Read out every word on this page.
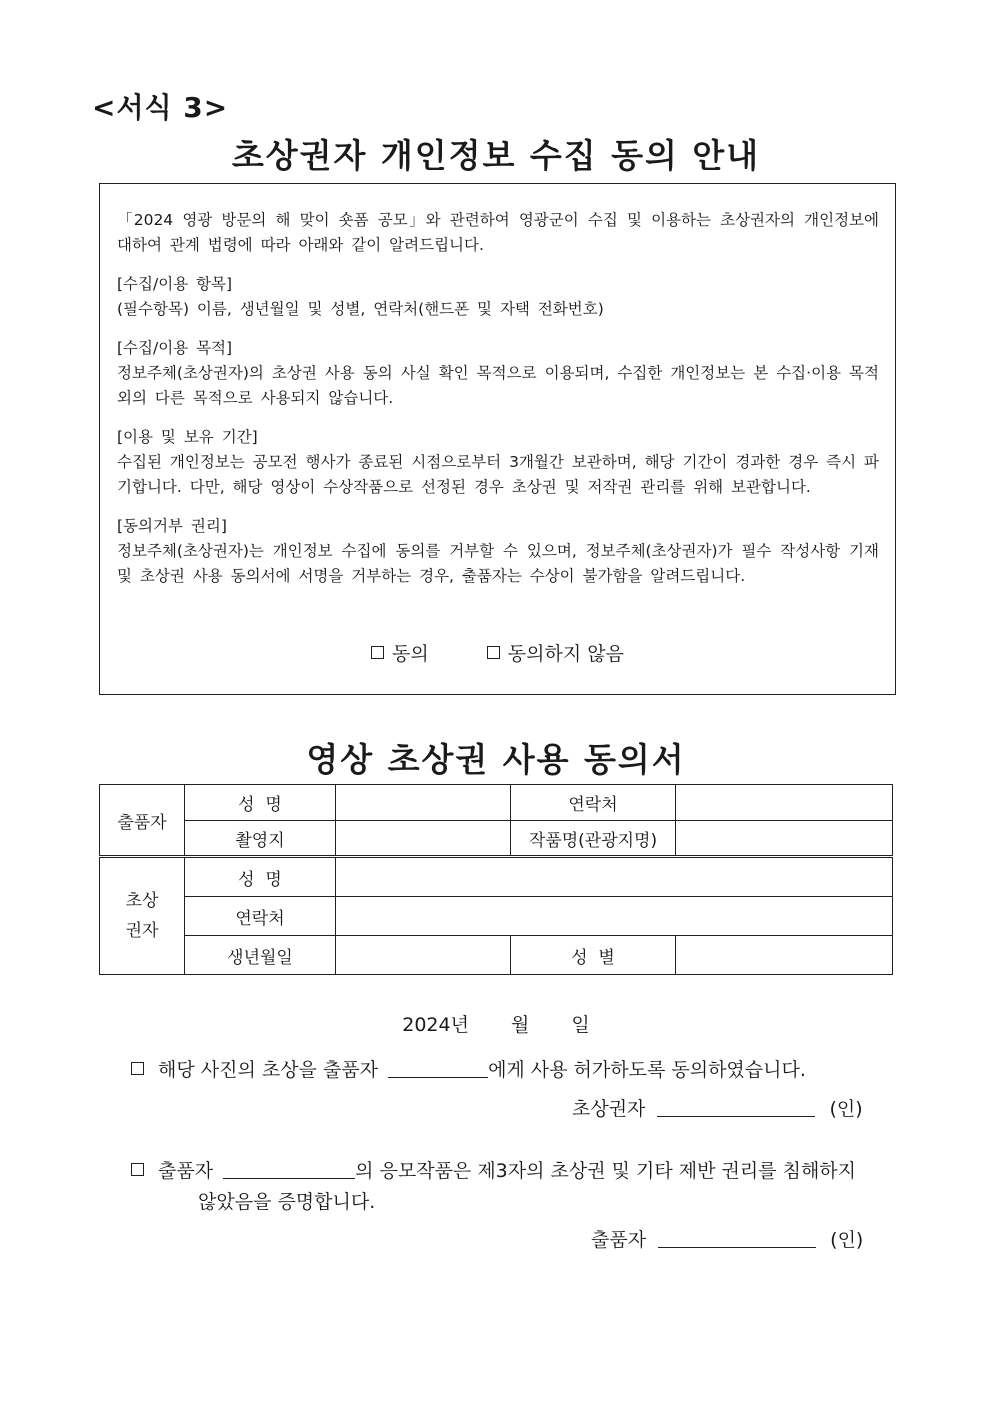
<서식 3>
초상권자 개인정보 수집 동의 안내

「2024 영광 방문의 해 맞이 숏폼 공모」와 관련하여 영광군이 수집 및 이용하는 초상권자의 개인정보에 대하여 관계 법령에 따라 아래와 같이 알려드립니다.

[수집/이용 항목]

(필수항목) 이름, 생년월일 및 성별, 연락처(핸드폰 및 자택 전화번호)

[수집/이용 목적]

정보주체(초상권자)의 초상권 사용 동의 사실 확인 목적으로 이용되며, 수집한 개인정보는 본 수집·이용 목적 외의 다른 목적으로 사용되지 않습니다.

[이용 및 보유 기간]

수집된 개인정보는 공모전 행사가 종료된 시점으로부터 3개월간 보관하며, 해당 기간이 경과한 경우 즉시 파기합니다. 다만, 해당 영상이 수상작품으로 선정된 경우 초상권 및 저작권 관리를 위해 보관합니다.

[동의거부 권리]

정보주체(초상권자)는 개인정보 수집에 동의를 거부할 수 있으며, 정보주체(초상권자)가 필수 작성사항 기재 및 초상권 사용 동의서에 서명을 거부하는 경우, 출품자는 수상이 불가함을 알려드립니다.

동의	동의하지 않음
영상 초상권 사용 동의서
출품자	성  명		연락처	
	촬영지		작품명(관광지명)	
초상
권자	성  명			
	연락처			
	생년월일		성  별	
2024년 월 일
해당 사진의 초상을 출품자	에게 사용 허가하도록 동의하였습니다.
초상권자	(인)
출품자	의 응모작품은 제3자의 초상권 및 기타 제반 권리를 침해하지
않았음을 증명합니다.
출품자	(인)
